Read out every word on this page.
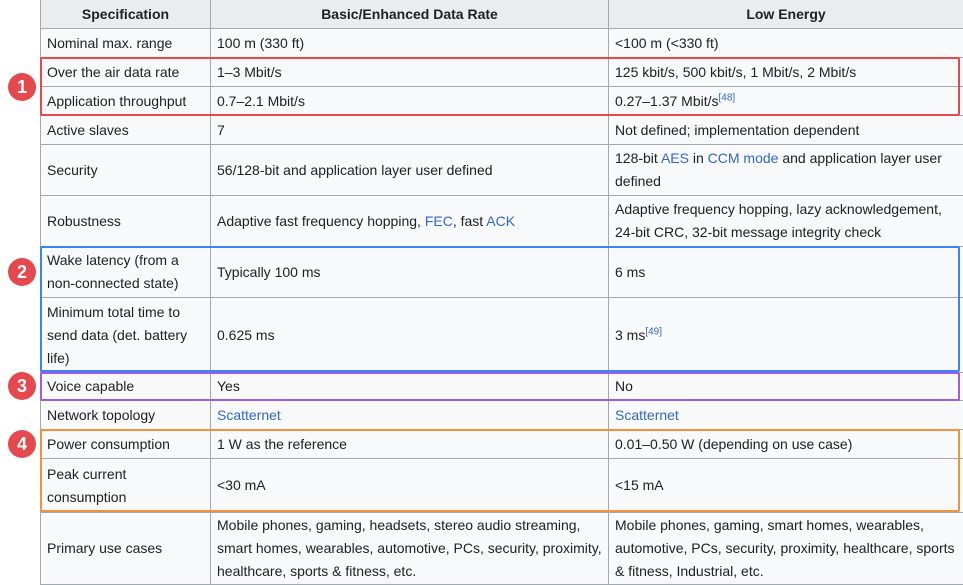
Specification	Basic/Enhanced Data Rate	Low Energy
Nominal max. range	100 m (330 ft)	<100 m (<330 ft)
Over the air data rate	1–3 Mbit/s	125 kbit/s, 500 kbit/s, 1 Mbit/s, 2 Mbit/s
Application throughput	0.7–2.1 Mbit/s	0.27–1.37 Mbit/s[48]
Active slaves	7	Not defined; implementation dependent
Security	56/128-bit and application layer user defined	128-bit AES in CCM mode and application layer user defined
Robustness	Adaptive fast frequency hopping, FEC, fast ACK	Adaptive frequency hopping, lazy acknowledgement, 24-bit CRC, 32-bit message integrity check
Wake latency (from a non-connected state)	Typically 100 ms	6 ms
Minimum total time to send data (det. battery life)	0.625 ms	3 ms[49]
Voice capable	Yes	No
Network topology	Scatternet	Scatternet
Power consumption	1 W as the reference	0.01–0.50 W (depending on use case)
Peak current consumption	<30 mA	<15 mA
Primary use cases	Mobile phones, gaming, headsets, stereo audio streaming, smart homes, wearables, automotive, PCs, security, proximity, healthcare, sports & fitness, etc.	Mobile phones, gaming, smart homes, wearables, automotive, PCs, security, proximity, healthcare, sports & fitness, Industrial, etc.
1
2
3
4
